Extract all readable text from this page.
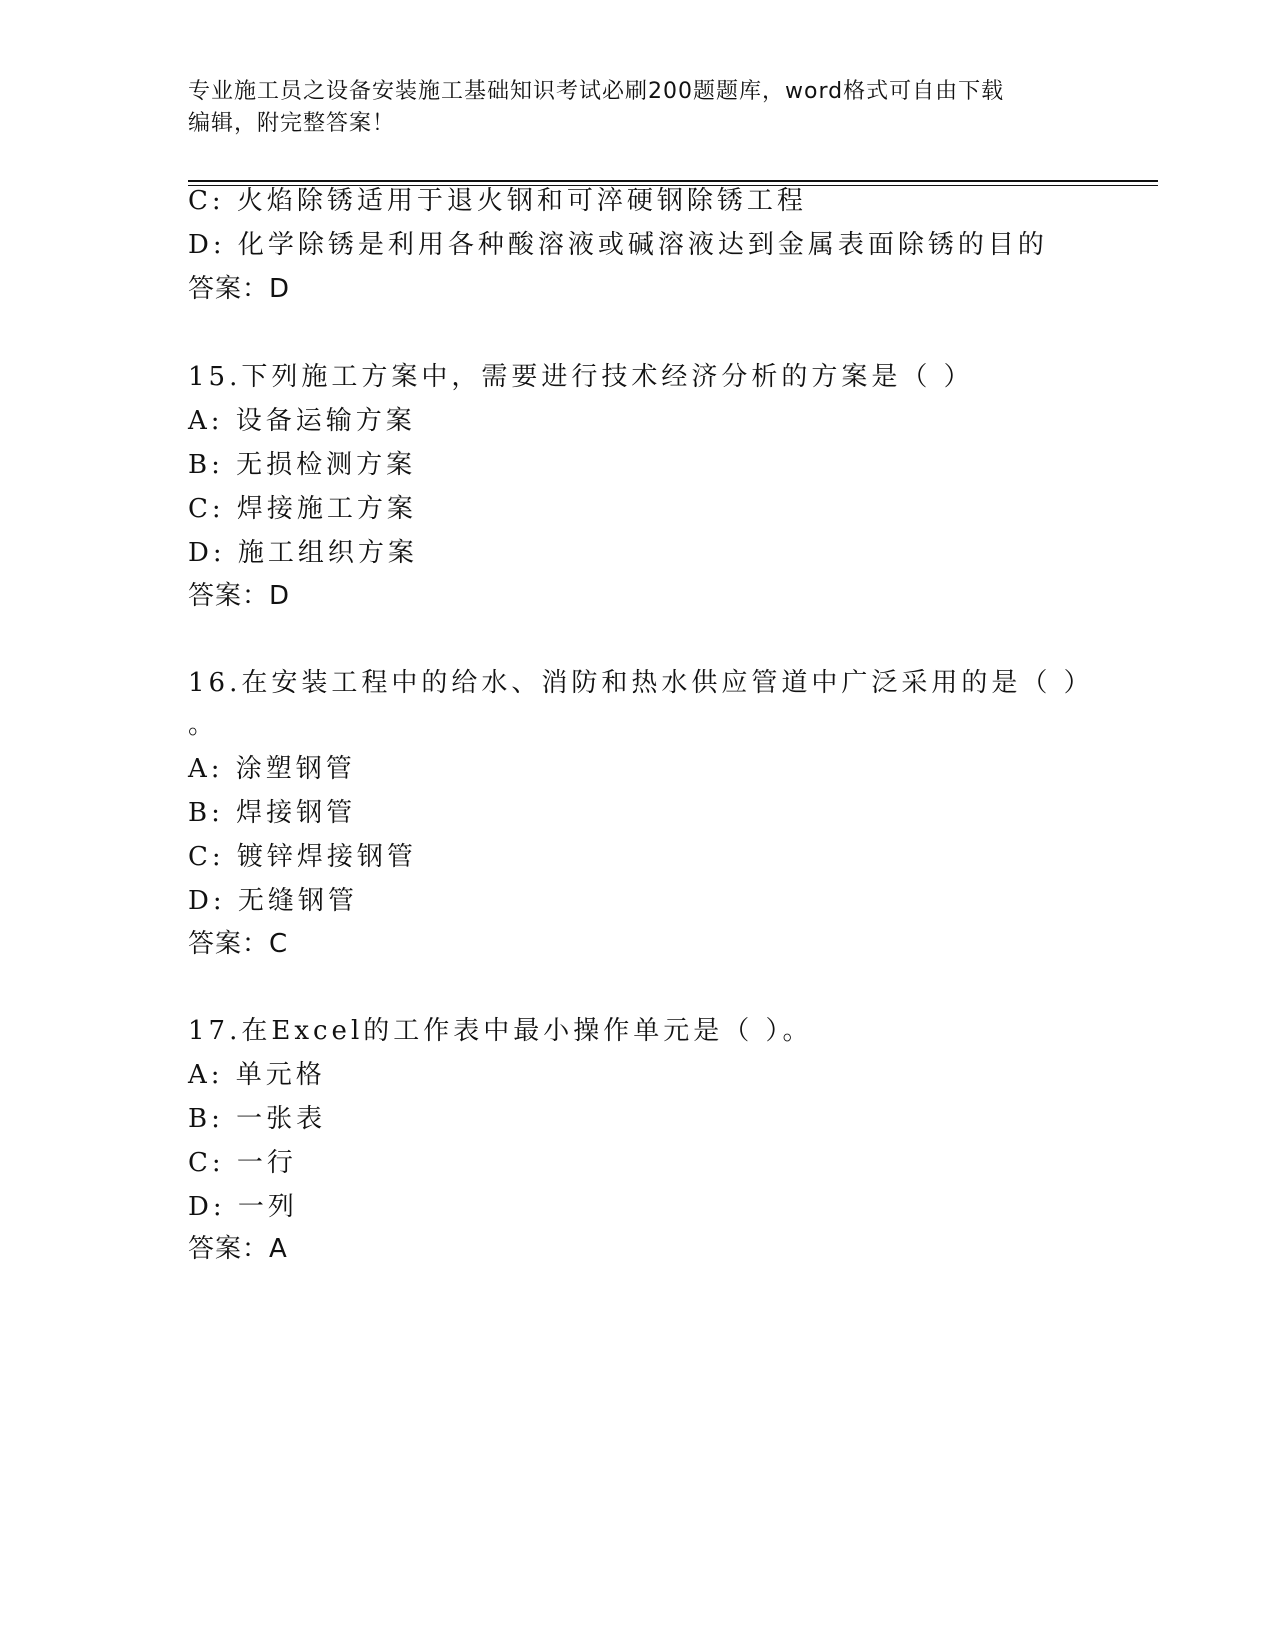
专业施工员之设备安装施工基础知识考试必刷200题题库，word格式可自由下载
编辑，附完整答案！
C: 火焰除锈适用于退火钢和可淬硬钢除锈工程
D: 化学除锈是利用各种酸溶液或碱溶液达到金属表面除锈的目的
答案：D
15.下列施工方案中，需要进行技术经济分析的方案是（ ）
A: 设备运输方案
B: 无损检测方案
C: 焊接施工方案
D: 施工组织方案
答案：D
16.在安装工程中的给水、消防和热水供应管道中广泛采用的是（ ）
。
A: 涂塑钢管
B: 焊接钢管
C: 镀锌焊接钢管
D: 无缝钢管
答案：C
17.在Excel的工作表中最小操作单元是（ ）。
A: 单元格
B: 一张表
C: 一行
D: 一列
答案：A
